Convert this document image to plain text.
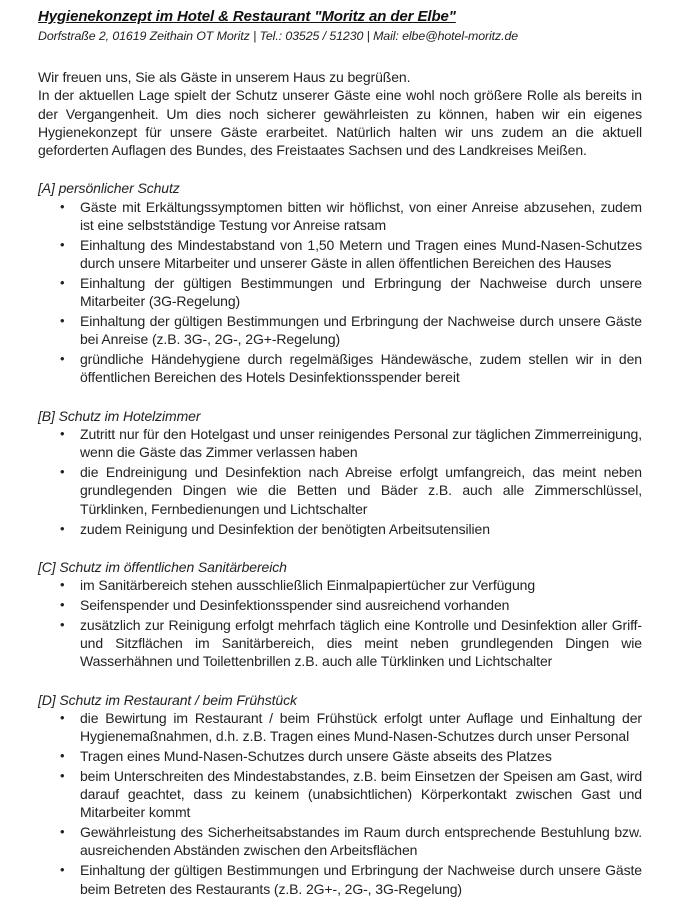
Hygienekonzept im Hotel & Restaurant "Moritz an der Elbe"
Dorfstraße 2, 01619 Zeithain OT Moritz | Tel.: 03525 / 51230 | Mail: elbe@hotel-moritz.de

Wir freuen uns, Sie als Gäste in unserem Haus zu begrüßen.

In der aktuellen Lage spielt der Schutz unserer Gäste eine wohl noch größere Rolle als bereits in der Vergangenheit. Um dies noch sicherer gewährleisten zu können, haben wir ein eigenes Hygienekonzept für unsere Gäste erarbeitet. Natürlich halten wir uns zudem an die aktuell geforderten Auflagen des Bundes, des Freistaates Sachsen und des Landkreises Meißen.

[A] persönlicher Schutz

• Gäste mit Erkältungssymptomen bitten wir höflichst, von einer Anreise abzusehen, zudem ist eine selbstständige Testung vor Anreise ratsam
• Einhaltung des Mindestabstand von 1,50 Metern und Tragen eines Mund-Nasen-Schutzes durch unsere Mitarbeiter und unserer Gäste in allen öffentlichen Bereichen des Hauses
• Einhaltung der gültigen Bestimmungen und Erbringung der Nachweise durch unsere Mitarbeiter (3G-Regelung)
• Einhaltung der gültigen Bestimmungen und Erbringung der Nachweise durch unsere Gäste bei Anreise (z.B. 3G-, 2G-, 2G+-Regelung)
• gründliche Händehygiene durch regelmäßiges Händewäsche, zudem stellen wir in den öffentlichen Bereichen des Hotels Desinfektionsspender bereit

[B] Schutz im Hotelzimmer

• Zutritt nur für den Hotelgast und unser reinigendes Personal zur täglichen Zimmerreinigung, wenn die Gäste das Zimmer verlassen haben
• die Endreinigung und Desinfektion nach Abreise erfolgt umfangreich, das meint neben grundlegenden Dingen wie die Betten und Bäder z.B. auch alle Zimmerschlüssel, Türklinken, Fernbedienungen und Lichtschalter
• zudem Reinigung und Desinfektion der benötigten Arbeitsutensilien

[C] Schutz im öffentlichen Sanitärbereich

• im Sanitärbereich stehen ausschließlich Einmalpapiertücher zur Verfügung
• Seifenspender und Desinfektionsspender sind ausreichend vorhanden
• zusätzlich zur Reinigung erfolgt mehrfach täglich eine Kontrolle und Desinfektion aller Griff- und Sitzflächen im Sanitärbereich, dies meint neben grundlegenden Dingen wie Wasserhähnen und Toilettenbrillen z.B. auch alle Türklinken und Lichtschalter

[D] Schutz im Restaurant / beim Frühstück

• die Bewirtung im Restaurant / beim Frühstück erfolgt unter Auflage und Einhaltung der Hygienemaßnahmen, d.h. z.B. Tragen eines Mund-Nasen-Schutzes durch unser Personal
• Tragen eines Mund-Nasen-Schutzes durch unsere Gäste abseits des Platzes
• beim Unterschreiten des Mindestabstandes, z.B. beim Einsetzen der Speisen am Gast, wird darauf geachtet, dass zu keinem (unabsichtlichen) Körperkontakt zwischen Gast und Mitarbeiter kommt
• Gewährleistung des Sicherheitsabstandes im Raum durch entsprechende Bestuhlung bzw. ausreichenden Abständen zwischen den Arbeitsflächen
• Einhaltung der gültigen Bestimmungen und Erbringung der Nachweise durch unsere Gäste beim Betreten des Restaurants (z.B. 2G+-, 2G-, 3G-Regelung)
